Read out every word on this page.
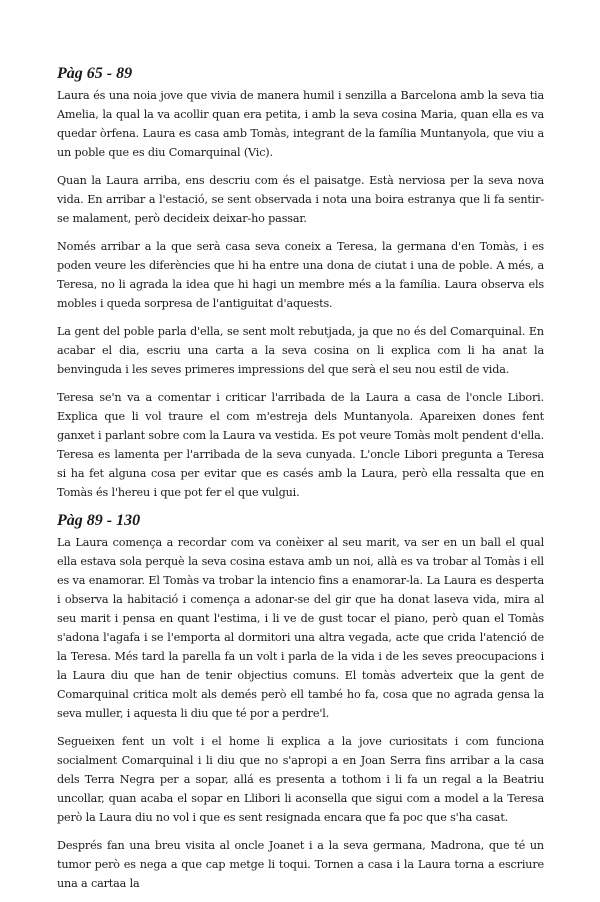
Pàg 65 - 89

Laura és una noia jove que vivia de manera humil i senzilla a Barcelona amb la seva tia Amelia, la qual la va acollir quan era petita, i amb la seva cosina Maria, quan ella es va quedar òrfena. Laura es casa amb Tomàs, integrant de la família Muntanyola, que viu a un poble que es diu Comarquinal (Vic).

Quan la Laura arriba, ens descriu com és el paisatge. Està nerviosa per la seva nova vida. En arribar a l'estació, se sent observada i nota una boira estranya que li fa sentir-se malament, però decideix deixar-ho passar.

Només arribar a la que serà casa seva coneix a Teresa, la germana d'en Tomàs, i es poden veure les diferències que hi ha entre una dona de ciutat i una de poble. A més, a Teresa, no li agrada la idea que hi hagi un membre més a la família. Laura observa els mobles i queda sorpresa de l'antiguitat d'aquests.

La gent del poble parla d'ella, se sent molt rebutjada, ja que no és del Comarquinal. En acabar el dia, escriu una carta a la seva cosina on li explica com li ha anat la benvinguda i les seves primeres impressions del que serà el seu nou estil de vida.

Teresa se'n va a comentar i criticar l'arribada de la Laura a casa de l'oncle Libori. Explica que li vol traure el com m'estreja dels Muntanyola. Apareixen dones fent ganxet i parlant sobre com la Laura va vestida. Es pot veure Tomàs molt pendent d'ella. Teresa es lamenta per l'arribada de la seva cunyada. L'oncle Libori pregunta a Teresa si ha fet alguna cosa per evitar que es casés amb la Laura, però ella ressalta que en Tomàs és l'hereu i que pot fer el que vulgui.

Pàg 89 - 130

La Laura comença a recordar com va conèixer al seu marit, va ser en un ball el qual ella estava sola perquè la seva cosina estava amb un noi, allà es va trobar al Tomàs i ell es va enamorar. El Tomàs va trobar la intencio fins a enamorar-la. La Laura es desperta i observa la habitació i comença a adonar-se del gir que ha donat laseva vida, mira al seu marit i pensa en quant l'estima, i li ve de gust tocar el piano, però quan el Tomàs s'adona l'agafa i se l'emporta al dormitori una altra vegada, acte que crida l'atenció de la Teresa. Més tard la parella fa un volt i parla de la vida i de les seves preocupacions i la Laura diu que han de tenir objectius comuns. El tomàs adverteix que la gent de Comarquinal critica molt als demés però ell també ho fa, cosa que no agrada gensa la seva muller, i aquesta li diu que té por a perdre'l.

Segueixen fent un volt i el home li explica a la jove curiositats i com funciona socialment Comarquinal i li diu que no s'apropi a en Joan Serra fins arribar a la casa dels Terra Negra per a sopar, allá es presenta a tothom i li fa un regal a la Beatriu uncollar, quan acaba el sopar en Llibori li aconsella que sigui com a model a la Teresa però la Laura diu no vol i que es sent resignada encara que fa poc que s'ha casat.

Després fan una breu visita al oncle Joanet i a la seva germana, Madrona, que té un tumor però es nega a que cap metge li toqui. Tornen a casa i la Laura torna a escriure una a cartaa la
